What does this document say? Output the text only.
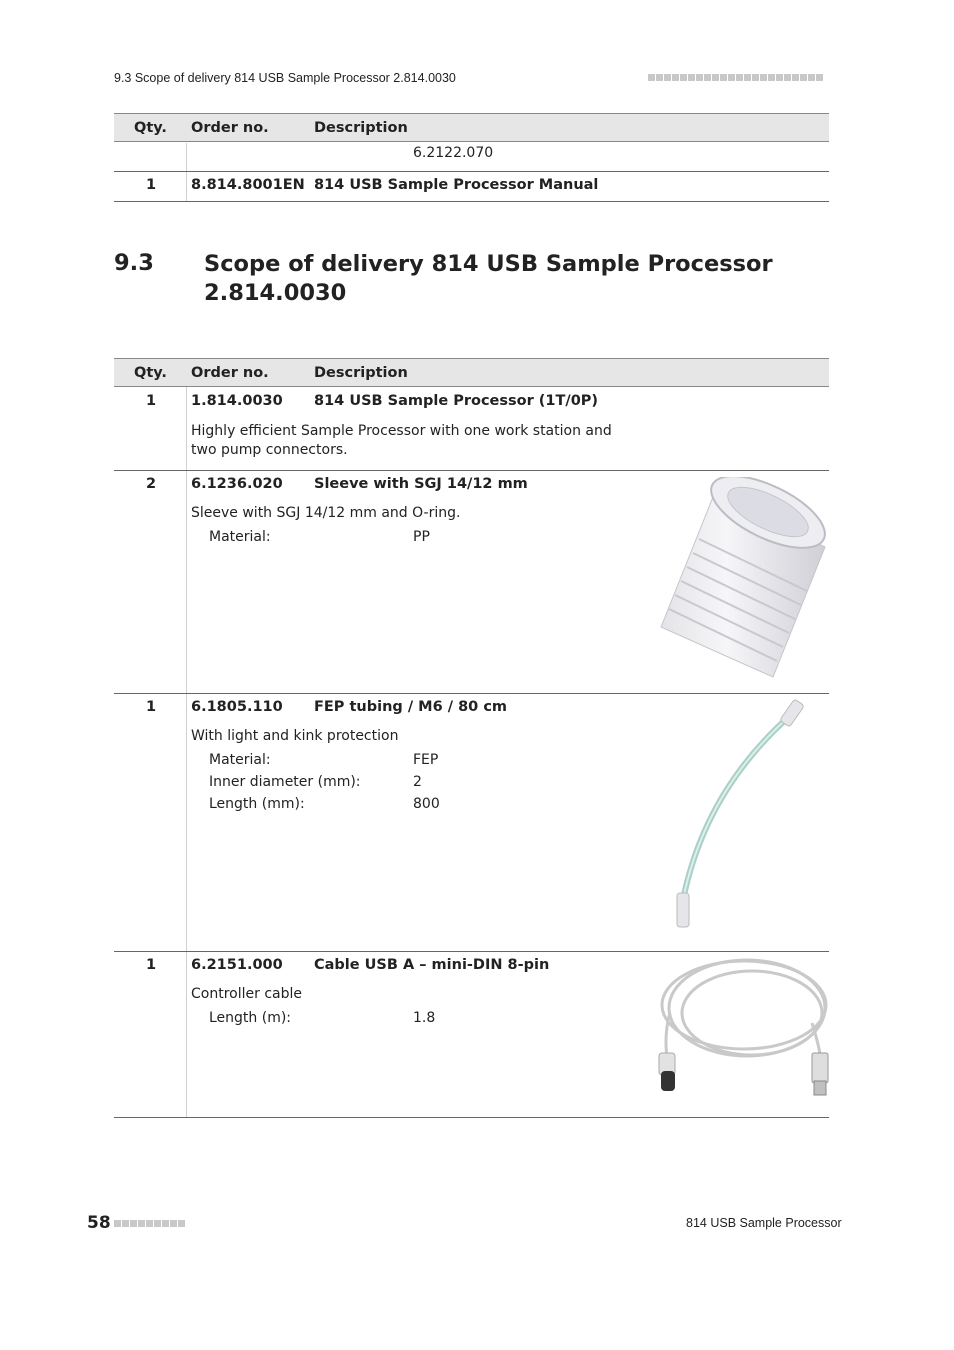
9.3 Scope of delivery 814 USB Sample Processor 2.814.0030
Qty. Order no.	Description
6.2122.070
1 8.814.8001EN 814 USB Sample Processor Manual
9.3 Scope of delivery 814 USB Sample Processor 2.814.0030
Qty. Order no.	Description
1 1.814.0030 814 USB Sample Processor (1T/0P)
Highly efficient Sample Processor with one work station and two pump connectors.
2 6.1236.020 Sleeve with SGJ 14/12 mm
Sleeve with SGJ 14/12 mm and O-ring.
Material:	PP
1 6.1805.110 FEP tubing / M6 / 80 cm
With light and kink protection
Material:	FEP
Inner diameter (mm):	2
Length (mm):	800
1 6.2151.000 Cable USB A – mini-DIN 8-pin
Controller cable
Length (m):	1.8
58	814 USB Sample Processor
